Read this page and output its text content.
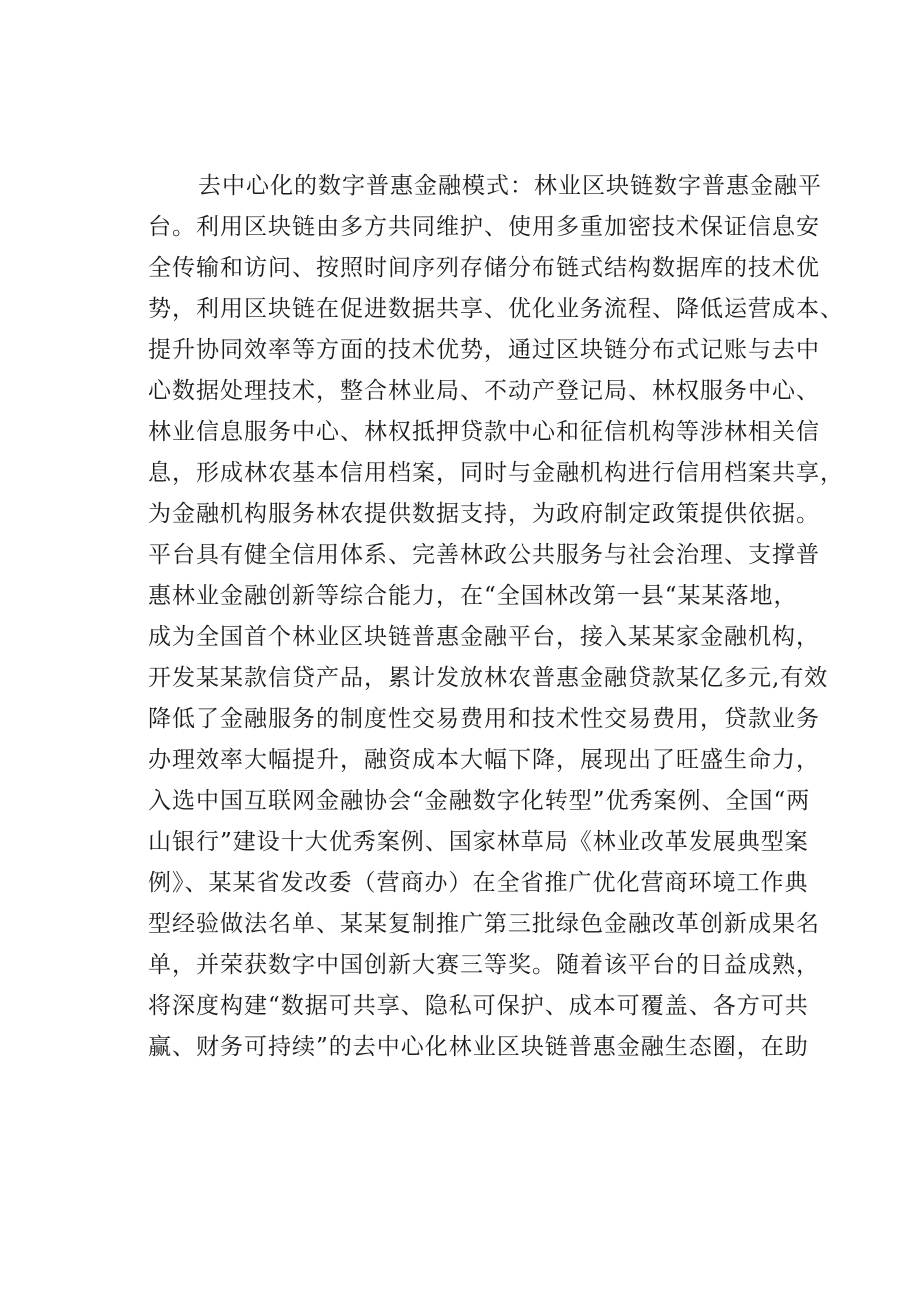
去中心化的数字普惠金融模式：林业区块链数字普惠金融平
台。利用区块链由多方共同维护、使用多重加密技术保证信息安
全传输和访问、按照时间序列存储分布链式结构数据库的技术优
势，利用区块链在促进数据共享、优化业务流程、降低运营成本、
提升协同效率等方面的技术优势，通过区块链分布式记账与去中
心数据处理技术，整合林业局、不动产登记局、林权服务中心、
林业信息服务中心、林权抵押贷款中心和征信机构等涉林相关信
息，形成林农基本信用档案，同时与金融机构进行信用档案共享，
为金融机构服务林农提供数据支持，为政府制定政策提供依据。
平台具有健全信用体系、完善林政公共服务与社会治理、支撑普
惠林业金融创新等综合能力，在“全国林改第一县“某某落地，
成为全国首个林业区块链普惠金融平台，接入某某家金融机构，
开发某某款信贷产品，累计发放林农普惠金融贷款某亿多元,有效
降低了金融服务的制度性交易费用和技术性交易费用，贷款业务
办理效率大幅提升，融资成本大幅下降，展现出了旺盛生命力，
入选中国互联网金融协会“金融数字化转型”优秀案例、全国“两
山银行”建设十大优秀案例、国家林草局《林业改革发展典型案
例》、某某省发改委（营商办）在全省推广优化营商环境工作典
型经验做法名单、某某复制推广第三批绿色金融改革创新成果名
单，并荣获数字中国创新大赛三等奖。随着该平台的日益成熟，
将深度构建“数据可共享、隐私可保护、成本可覆盖、各方可共
赢、财务可持续”的去中心化林业区块链普惠金融生态圈，在助
